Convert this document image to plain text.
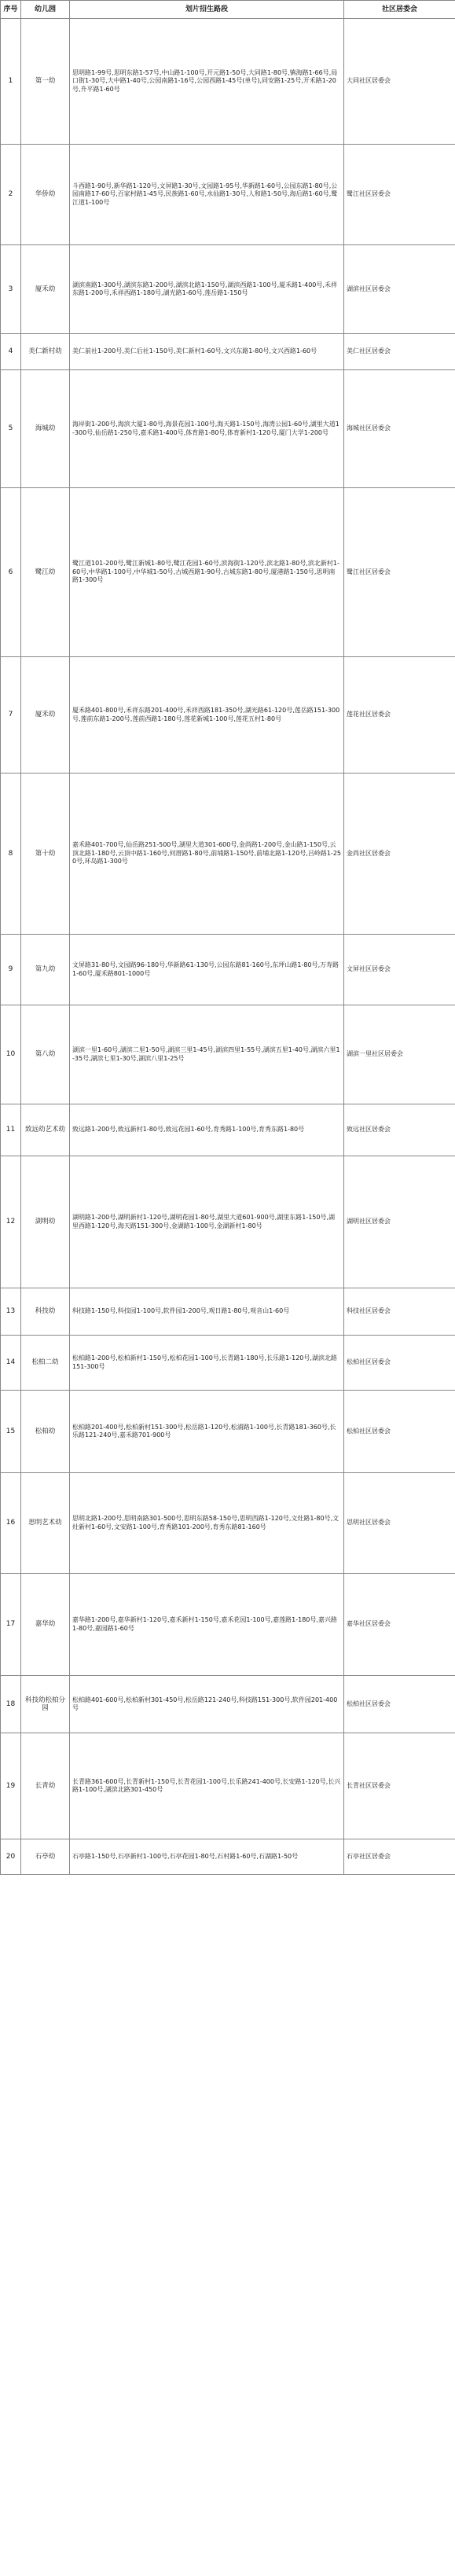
序号	幼儿园	划片招生路段	社区居委会
1	第一幼	思明路1-99号,思明东路1-57号,中山路1-100号,开元路1-50号,大同路1-80号,镇海路1-66号,局口街1-30号,大中路1-40号,公园南路1-16号,公园西路1-45号(单号),同安路1-25号,开禾路1-20号,升平路1-60号	大同社区居委会
2	华侨幼	斗西路1-90号,新华路1-120号,文屏路1-30号,文园路1-95号,华新路1-60号,公园东路1-80号,公园南路17-60号,百家村路1-45号,民族路1-60号,水仙路1-30号,人和路1-50号,海后路1-60号,鹭江道1-100号	鹭江社区居委会
3	厦禾幼	湖滨南路1-300号,湖滨东路1-200号,湖滨北路1-150号,湖滨西路1-100号,厦禾路1-400号,禾祥东路1-200号,禾祥西路1-180号,湖光路1-60号,莲岳路1-150号	湖滨社区居委会
4	美仁新村幼	美仁前社1-200号,美仁后社1-150号,美仁新村1-60号,文兴东路1-80号,文兴西路1-60号	美仁社区居委会
5	海城幼	海岸街1-200号,海滨大厦1-80号,海景花园1-100号,海天路1-150号,海湾公园1-60号,湖里大道1-300号,仙岳路1-250号,嘉禾路1-400号,体育路1-80号,体育新村1-120号,厦门大学1-200号	海城社区居委会
6	鹭江幼	鹭江道101-200号,鹭江新城1-80号,鹭江花园1-60号,滨海街1-120号,滨北路1-80号,滨北新村1-60号,中华路1-100号,中华城1-50号,古城西路1-90号,古城东路1-80号,厦港路1-150号,思明南路1-300号	鹭江社区居委会
7	厦禾幼	厦禾路401-800号,禾祥东路201-400号,禾祥西路181-350号,湖光路61-120号,莲岳路151-300号,莲前东路1-200号,莲前西路1-180号,莲花新城1-100号,莲花五村1-80号	莲花社区居委会
8	第十幼	嘉禾路401-700号,仙岳路251-500号,湖里大道301-600号,金尚路1-200号,金山路1-150号,云顶北路1-180号,云顶中路1-160号,何厝路1-80号,前埔路1-150号,前埔北路1-120号,吕岭路1-250号,环岛路1-300号	金尚社区居委会
9	第九幼	文屏路31-80号,文园路96-180号,华新路61-130号,公园东路81-160号,东坪山路1-80号,万寿路1-60号,厦禾路801-1000号	文屏社区居委会
10	第八幼	湖滨一里1-60号,湖滨二里1-50号,湖滨三里1-45号,湖滨四里1-55号,湖滨五里1-40号,湖滨六里1-35号,湖滨七里1-30号,湖滨八里1-25号	湖滨一里社区居委会
11	致远幼艺术幼	致远路1-200号,致远新村1-80号,致远花园1-60号,育秀路1-100号,育秀东路1-80号	致远社区居委会
12	湖明幼	湖明路1-200号,湖明新村1-120号,湖明花园1-80号,湖里大道601-900号,湖里东路1-150号,湖里西路1-120号,海天路151-300号,金湖路1-100号,金湖新村1-80号	湖明社区居委会
13	科技幼	科技路1-150号,科技园1-100号,软件园1-200号,观日路1-80号,观音山1-60号	科技社区居委会
14	松柏二幼	松柏路1-200号,松柏新村1-150号,松柏花园1-100号,长青路1-180号,长乐路1-120号,湖滨北路151-300号	松柏社区居委会
15	松柏幼	松柏路201-400号,松柏新村151-300号,松岳路1-120号,松浦路1-100号,长青路181-360号,长乐路121-240号,嘉禾路701-900号	松柏社区居委会
16	思明艺术幼	思明北路1-200号,思明南路301-500号,思明东路58-150号,思明西路1-120号,文灶路1-80号,文灶新村1-60号,文安路1-100号,育秀路101-200号,育秀东路81-160号	思明社区居委会
17	嘉华幼	嘉华路1-200号,嘉华新村1-120号,嘉禾新村1-150号,嘉禾花园1-100号,嘉莲路1-180号,嘉兴路1-80号,嘉园路1-60号	嘉华社区居委会
18	科技幼松柏分园	松柏路401-600号,松柏新村301-450号,松岳路121-240号,科技路151-300号,软件园201-400号	松柏社区居委会
19	长青幼	长青路361-600号,长青新村1-150号,长青花园1-100号,长乐路241-400号,长安路1-120号,长兴路1-100号,湖滨北路301-450号	长青社区居委会
20	石亭幼	石亭路1-150号,石亭新村1-100号,石亭花园1-80号,石村路1-60号,石湖路1-50号	石亭社区居委会
